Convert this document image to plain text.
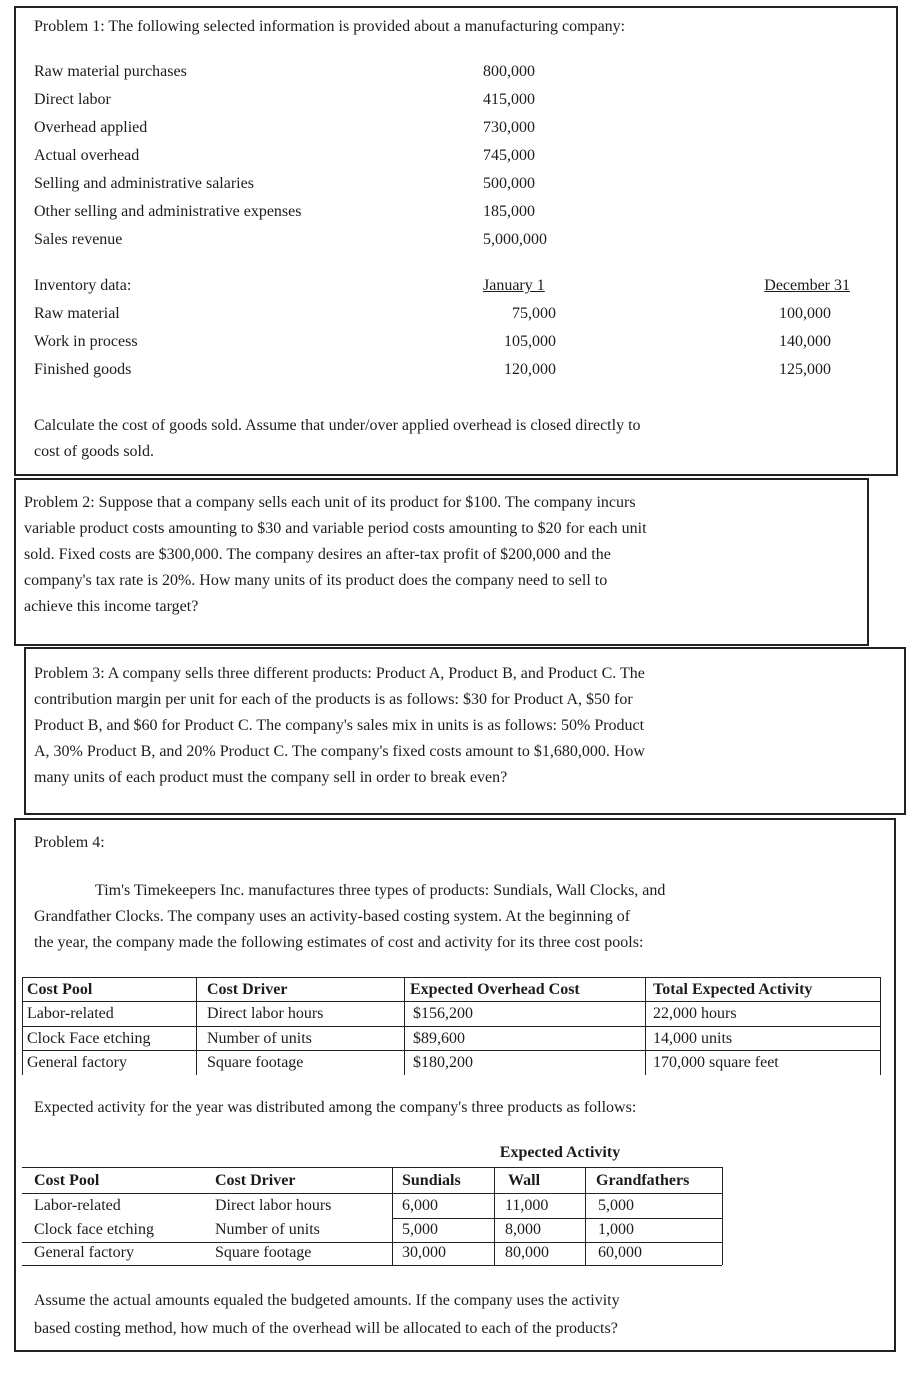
Problem 1: The following selected information is provided about a manufacturing company:
Raw material purchases	800,000
Direct labor	415,000
Overhead applied	730,000
Actual overhead	745,000
Selling and administrative salaries	500,000
Other selling and administrative expenses	185,000
Sales revenue	5,000,000
Inventory data:	January 1	December 31
Raw material	75,000	100,000
Work in process	105,000	140,000
Finished goods	120,000	125,000
Calculate the cost of goods sold. Assume that under/over applied overhead is closed directly to
cost of goods sold.
Problem 2: Suppose that a company sells each unit of its product for $100. The company incurs
variable product costs amounting to $30 and variable period costs amounting to $20 for each unit
sold. Fixed costs are $300,000. The company desires an after-tax profit of $200,000 and the
company's tax rate is 20%. How many units of its product does the company need to sell to
achieve this income target?
Problem 3: A company sells three different products: Product A, Product B, and Product C. The
contribution margin per unit for each of the products is as follows: $30 for Product A, $50 for
Product B, and $60 for Product C. The company's sales mix in units is as follows: 50% Product
A, 30% Product B, and 20% Product C. The company's fixed costs amount to $1,680,000. How
many units of each product must the company sell in order to break even?
Problem 4:
Tim's Timekeepers Inc. manufactures three types of products: Sundials, Wall Clocks, and
Grandfather Clocks. The company uses an activity-based costing system. At the beginning of
the year, the company made the following estimates of cost and activity for its three cost pools:
Cost Pool	Cost Driver	Expected Overhead Cost	Total Expected Activity
Labor-related	Direct labor hours	$156,200	22,000 hours
Clock Face etching	Number of units	$89,600	14,000 units
General factory	Square footage	$180,200	170,000 square feet
Expected activity for the year was distributed among the company's three products as follows:
Expected Activity
Cost Pool	Cost Driver	Sundials	Wall	Grandfathers
Labor-related	Direct labor hours	6,000	11,000	5,000
Clock face etching	Number of units	5,000	8,000	1,000
General factory	Square footage	30,000	80,000	60,000
Assume the actual amounts equaled the budgeted amounts. If the company uses the activity
based costing method, how much of the overhead will be allocated to each of the products?
